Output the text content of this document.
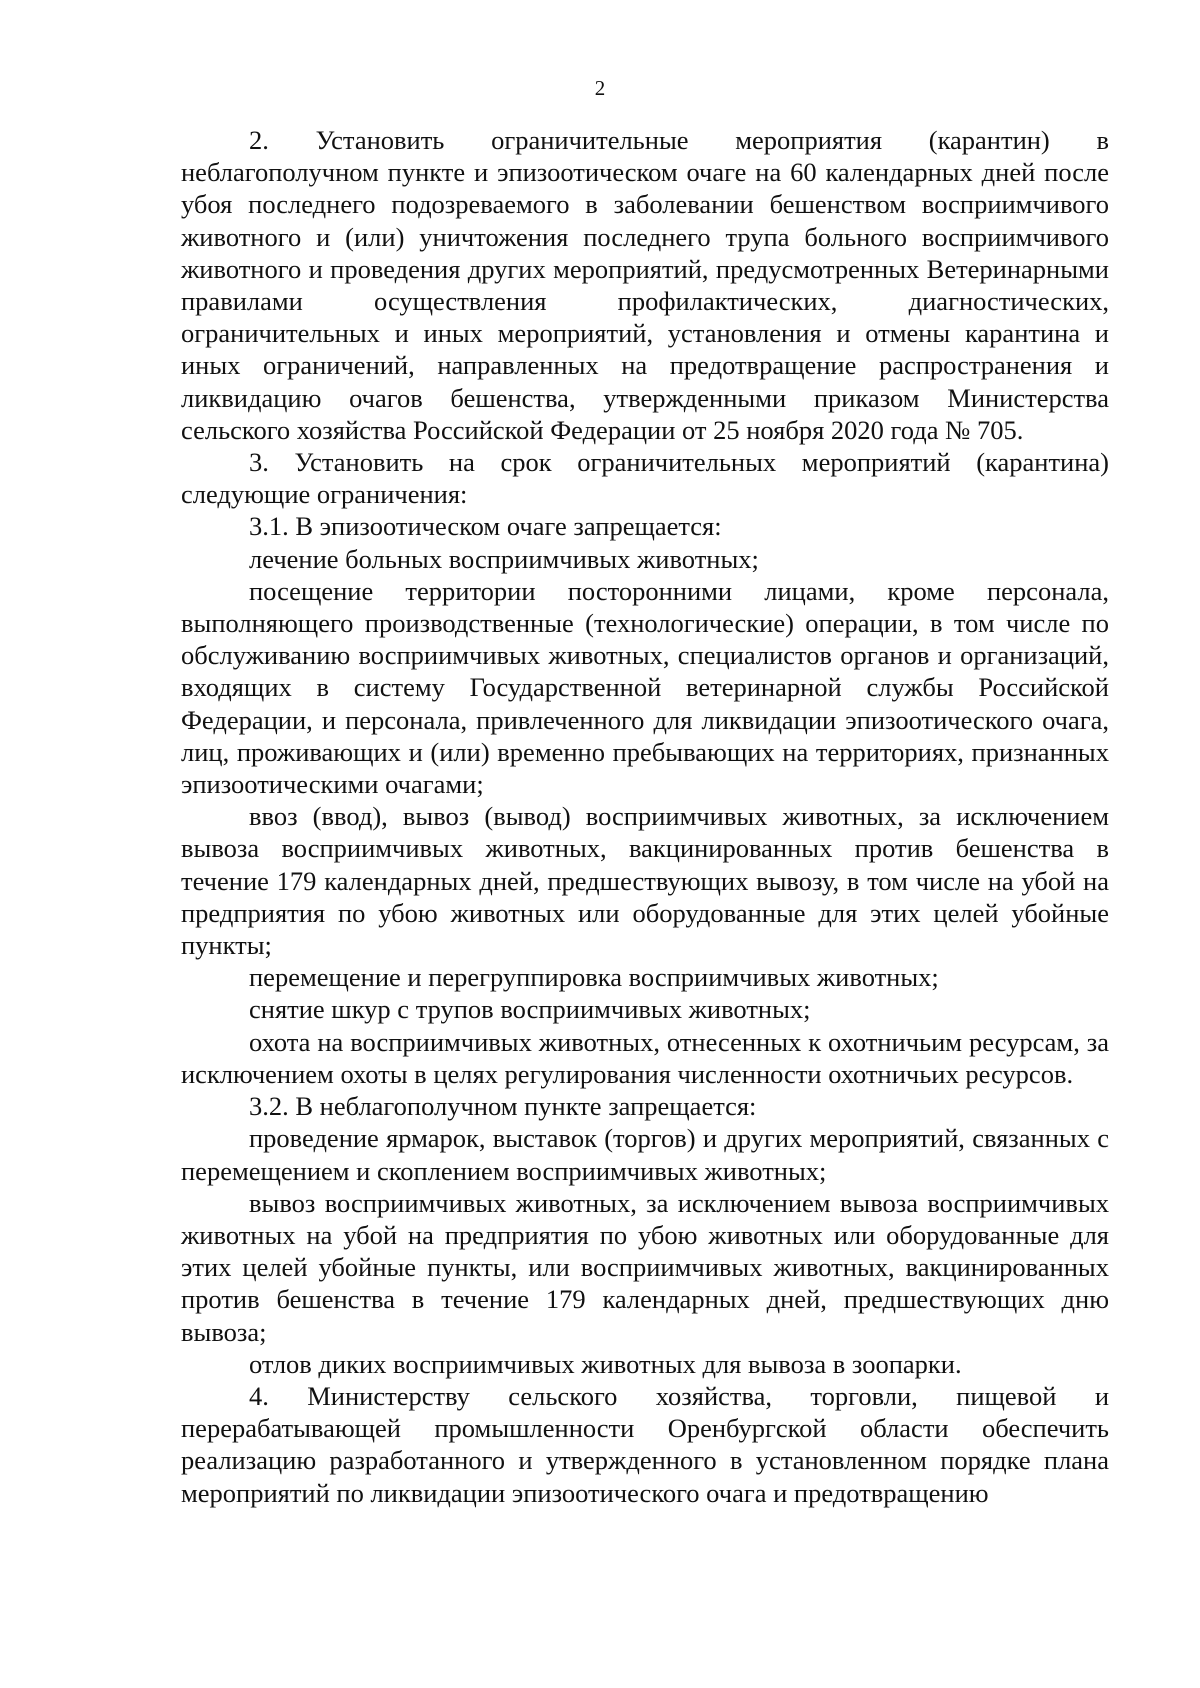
2

2. Установить ограничительные мероприятия (карантин) в неблагополучном пункте и эпизоотическом очаге на 60 календарных дней после убоя последнего подозреваемого в заболевании бешенством восприимчивого животного и (или) уничтожения последнего трупа больного восприимчивого животного и проведения других мероприятий, предусмотренных Ветеринарными правилами осуществления профилактических, диагностических, ограничительных и иных мероприятий, установления и отмены карантина и иных ограничений, направленных на предотвращение распространения и ликвидацию очагов бешенства, утвержденными приказом Министерства сельского хозяйства Российской Федерации от 25 ноября 2020 года № 705.

3. Установить на срок ограничительных мероприятий (карантина) следующие ограничения:

3.1. В эпизоотическом очаге запрещается:

лечение больных восприимчивых животных;

посещение территории посторонними лицами, кроме персонала, выполняющего производственные (технологические) операции, в том числе по обслуживанию восприимчивых животных, специалистов органов и организаций, входящих в систему Государственной ветеринарной службы Российской Федерации, и персонала, привлеченного для ликвидации эпизоотического очага, лиц, проживающих и (или) временно пребывающих на территориях, признанных эпизоотическими очагами;

ввоз (ввод), вывоз (вывод) восприимчивых животных, за исключением вывоза восприимчивых животных, вакцинированных против бешенства в течение 179 календарных дней, предшествующих вывозу, в том числе на убой на предприятия по убою животных или оборудованные для этих целей убойные пункты;

перемещение и перегруппировка восприимчивых животных;

снятие шкур с трупов восприимчивых животных;

охота на восприимчивых животных, отнесенных к охотничьим ресурсам, за исключением охоты в целях регулирования численности охотничьих ресурсов.

3.2. В неблагополучном пункте запрещается:

проведение ярмарок, выставок (торгов) и других мероприятий, связанных с перемещением и скоплением восприимчивых животных;

вывоз восприимчивых животных, за исключением вывоза восприимчивых животных на убой на предприятия по убою животных или оборудованные для этих целей убойные пункты, или восприимчивых животных, вакцинированных против бешенства в течение 179 календарных дней, предшествующих дню вывоза;

отлов диких восприимчивых животных для вывоза в зоопарки.

4. Министерству сельского хозяйства, торговли, пищевой и перерабатывающей промышленности Оренбургской области обеспечить реализацию разработанного и утвержденного в установленном порядке плана мероприятий по ликвидации эпизоотического очага и предотвращению
